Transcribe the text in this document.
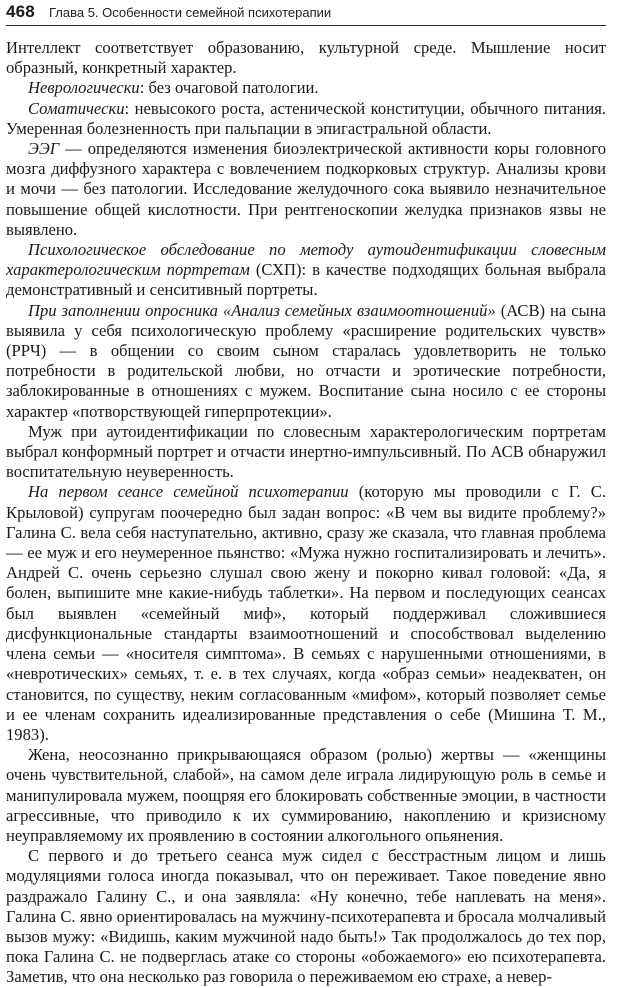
468 Глава 5. Особенности семейной психотерапии

Интеллект соответствует образованию, культурной среде. Мышление носит образный, конкретный характер.

Неврологически: без очаговой патологии.

Соматически: невысокого роста, астенической конституции, обычного питания. Умеренная болезненность при пальпации в эпигастральной области.

ЭЭГ — определяются изменения биоэлектрической активности коры головного мозга диффузного характера с вовлечением подкорковых структур. Анализы крови и мочи — без патологии. Исследование желудочного сока выявило незначительное повышение общей кислотности. При рентгеноскопии желудка признаков язвы не выявлено.

Психологическое обследование по методу аутоидентификации словесным характерологическим портретам (СХП): в качестве подходящих больная выбрала демонстративный и сенситивный портреты.

При заполнении опросника «Анализ семейных взаимоотношений» (АСВ) на сына выявила у себя психологическую проблему «расширение родительских чувств» (РРЧ) — в общении со своим сыном старалась удовлетворить не только потребности в родительской любви, но отчасти и эротические потребности, заблокированные в отношениях с мужем. Воспитание сына носило с ее стороны характер «потворствующей гиперпротекции».

Муж при аутоидентификации по словесным характерологическим портретам выбрал конформный портрет и отчасти инертно-импульсивный. По АСВ обнаружил воспитательную неуверенность.

На первом сеансе семейной психотерапии (которую мы проводили с Г. С. Крыловой) супругам поочередно был задан вопрос: «В чем вы видите проблему?» Галина С. вела себя наступательно, активно, сразу же сказала, что главная проблема — ее муж и его неумеренное пьянство: «Мужа нужно госпитализировать и лечить». Андрей С. очень серьезно слушал свою жену и покорно кивал головой: «Да, я болен, выпишите мне какие-нибудь таблетки». На первом и последующих сеансах был выявлен «семейный миф», который поддерживал сложившиеся дисфункциональные стандарты взаимоотношений и способствовал выделению члена семьи — «носителя симптома». В семьях с нарушенными отношениями, в «невротических» семьях, т. е. в тех случаях, когда «образ семьи» неадекватен, он становится, по существу, неким согласованным «мифом», который позволяет семье и ее членам сохранить идеализированные представления о себе (Мишина Т. М., 1983).

Жена, неосознанно прикрывающаяся образом (ролью) жертвы — «женщины очень чувствительной, слабой», на самом деле играла лидирующую роль в семье и манипулировала мужем, поощряя его блокировать собственные эмоции, в частности агрессивные, что приводило к их суммированию, накоплению и кризисному неуправляемому их проявлению в состоянии алкогольного опьянения.

С первого и до третьего сеанса муж сидел с бесстрастным лицом и лишь модуляциями голоса иногда показывал, что он переживает. Такое поведение явно раздражало Галину С., и она заявляла: «Ну конечно, тебе наплевать на меня». Галина С. явно ориентировалась на мужчину-психотерапевта и бросала молчаливый вызов мужу: «Видишь, каким мужчиной надо быть!» Так продолжалось до тех пор, пока Галина С. не подверглась атаке со стороны «обожаемого» ею психотерапевта. Заметив, что она несколько раз говорила о переживаемом ею страхе, а невер-
